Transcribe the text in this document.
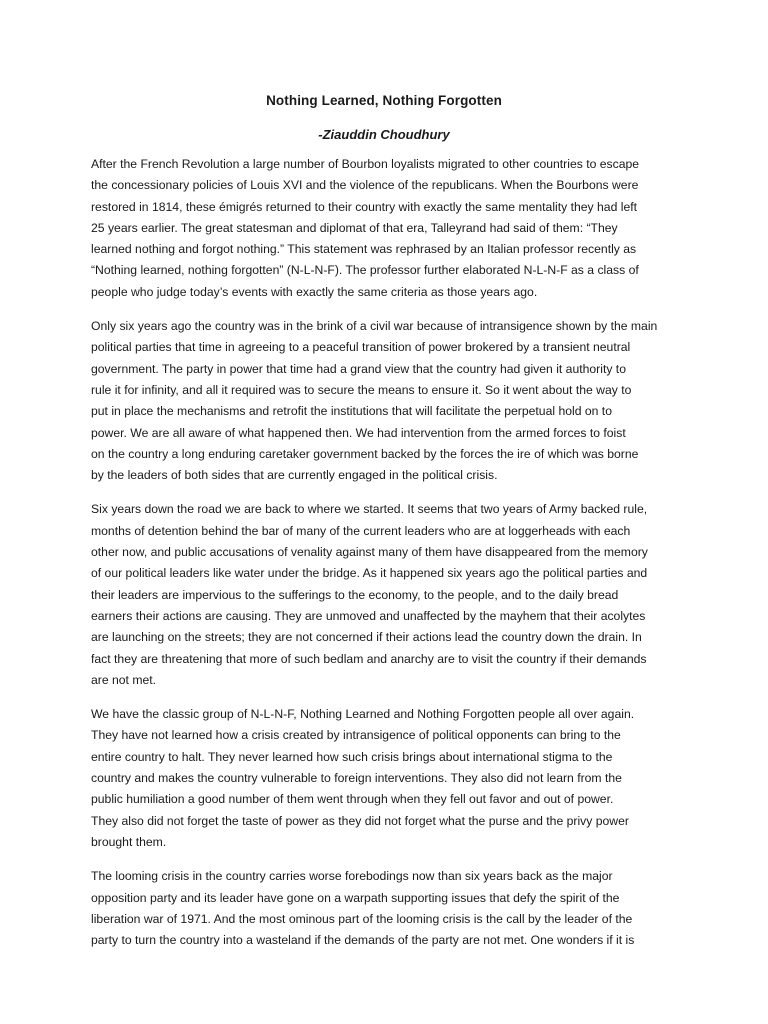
Nothing Learned, Nothing Forgotten
-Ziauddin Choudhury

After the French Revolution a large number of Bourbon loyalists migrated to other countries to escape
the concessionary policies of Louis XVI and the violence of the republicans. When the Bourbons were
restored in 1814, these émigrés returned to their country with exactly the same mentality they had left
25 years earlier. The great statesman and diplomat of that era, Talleyrand had said of them: “They
learned nothing and forgot nothing.” This statement was rephrased by an Italian professor recently as
“Nothing learned, nothing forgotten” (N-L-N-F). The professor further elaborated N-L-N-F as a class of
people who judge today’s events with exactly the same criteria as those years ago.

Only six years ago the country was in the brink of a civil war because of intransigence shown by the main
political parties that time in agreeing to a peaceful transition of power brokered by a transient neutral
government. The party in power that time had a grand view that the country had given it authority to
rule it for infinity, and all it required was to secure the means to ensure it. So it went about the way to
put in place the mechanisms and retrofit the institutions that will facilitate the perpetual hold on to
power. We are all aware of what happened then. We had intervention from the armed forces to foist
on the country a long enduring caretaker government backed by the forces the ire of which was borne
by the leaders of both sides that are currently engaged in the political crisis.

Six years down the road we are back to where we started. It seems that two years of Army backed rule,
months of detention behind the bar of many of the current leaders who are at loggerheads with each
other now, and public accusations of venality against many of them have disappeared from the memory
of our political leaders like water under the bridge. As it happened six years ago the political parties and
their leaders are impervious to the sufferings to the economy, to the people, and to the daily bread
earners their actions are causing. They are unmoved and unaffected by the mayhem that their acolytes
are launching on the streets; they are not concerned if their actions lead the country down the drain. In
fact they are threatening that more of such bedlam and anarchy are to visit the country if their demands
are not met.

We have the classic group of N-L-N-F, Nothing Learned and Nothing Forgotten people all over again.
They have not learned how a crisis created by intransigence of political opponents can bring to the
entire country to halt. They never learned how such crisis brings about international stigma to the
country and makes the country vulnerable to foreign interventions. They also did not learn from the
public humiliation a good number of them went through when they fell out favor and out of power.
They also did not forget the taste of power as they did not forget what the purse and the privy power
brought them.

The looming crisis in the country carries worse forebodings now than six years back as the major
opposition party and its leader have gone on a warpath supporting issues that defy the spirit of the
liberation war of 1971. And the most ominous part of the looming crisis is the call by the leader of the
party to turn the country into a wasteland if the demands of the party are not met. One wonders if it is
